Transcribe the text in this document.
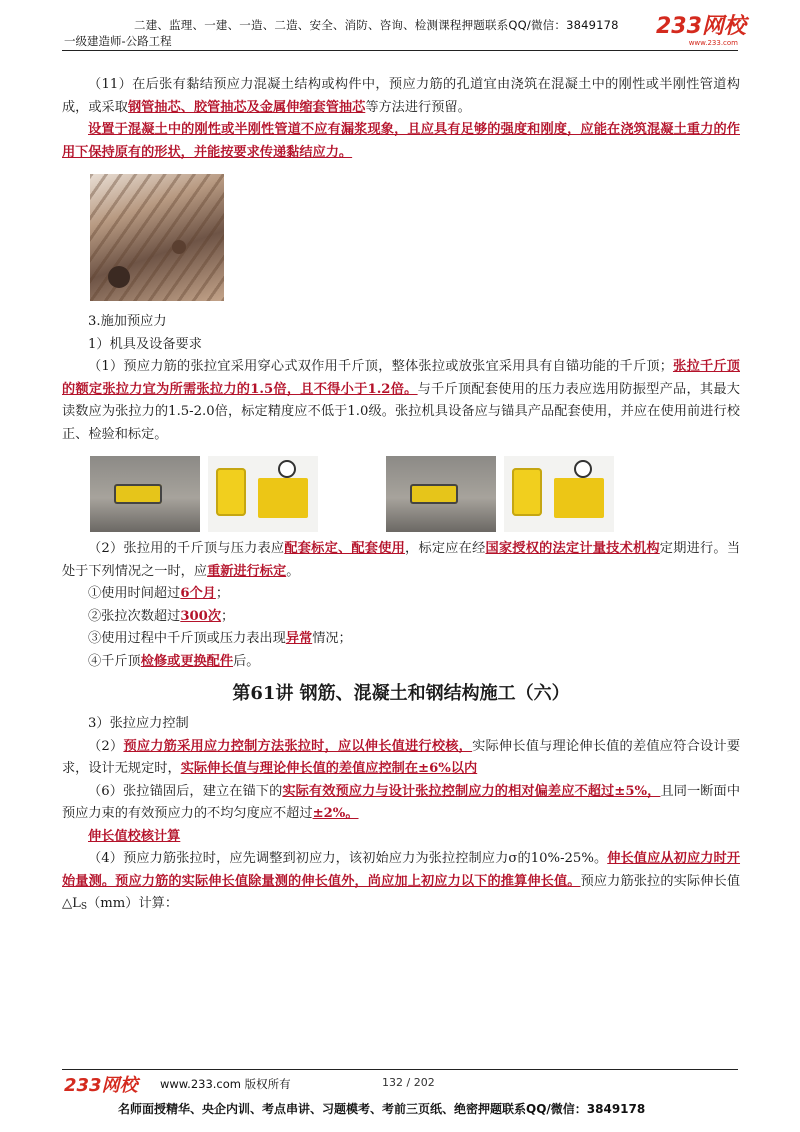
二建、监理、一建、一造、二造、安全、消防、咨询、检测课程押题联系QQ/微信：3849178
一级建造师-公路工程
233网校
www.233.com

（11）在后张有黏结预应力混凝土结构或构件中，预应力筋的孔道宜由浇筑在混凝土中的刚性或半刚性管道构成，或采取钢管抽芯、胶管抽芯及金属伸缩套管抽芯等方法进行预留。

设置于混凝土中的刚性或半刚性管道不应有漏浆现象，且应具有足够的强度和刚度，应能在浇筑混凝土重力的作用下保持原有的形状，并能按要求传递黏结应力。

3.施加预应力

1）机具及设备要求

（1）预应力筋的张拉宜采用穿心式双作用千斤顶，整体张拉或放张宜采用具有自锚功能的千斤顶；张拉千斤顶的额定张拉力宜为所需张拉力的1.5倍，且不得小于1.2倍。与千斤顶配套使用的压力表应选用防振型产品，其最大读数应为张拉力的1.5-2.0倍，标定精度应不低于1.0级。张拉机具设备应与锚具产品配套使用，并应在使用前进行校正、检验和标定。

（2）张拉用的千斤顶与压力表应配套标定、配套使用，标定应在经国家授权的法定计量技术机构定期进行。当处于下列情况之一时，应重新进行标定。

①使用时间超过6个月；

②张拉次数超过300次；

③使用过程中千斤顶或压力表出现异常情况；

④千斤顶检修或更换配件后。

第61讲 钢筋、混凝土和钢结构施工（六）

3）张拉应力控制

（2）预应力筋采用应力控制方法张拉时，应以伸长值进行校核，实际伸长值与理论伸长值的差值应符合设计要求，设计无规定时，实际伸长值与理论伸长值的差值应控制在±6%以内

（6）张拉锚固后，建立在锚下的实际有效预应力与设计张拉控制应力的相对偏差应不超过±5%，且同一断面中预应力束的有效预应力的不均匀度应不超过±2%。

伸长值校核计算

（4）预应力筋张拉时，应先调整到初应力，该初始应力为张拉控制应力σ的10%-25%。伸长值应从初应力时开始量测。预应力筋的实际伸长值除量测的伸长值外，尚应加上初应力以下的推算伸长值。预应力筋张拉的实际伸长值$\triangle L_S(mm)$计算：

233网校 www.233.com 版权所有	132 / 202
名师面授精华、央企内训、考点串讲、习题模考、考前三页纸、绝密押题联系QQ/微信：3849178
